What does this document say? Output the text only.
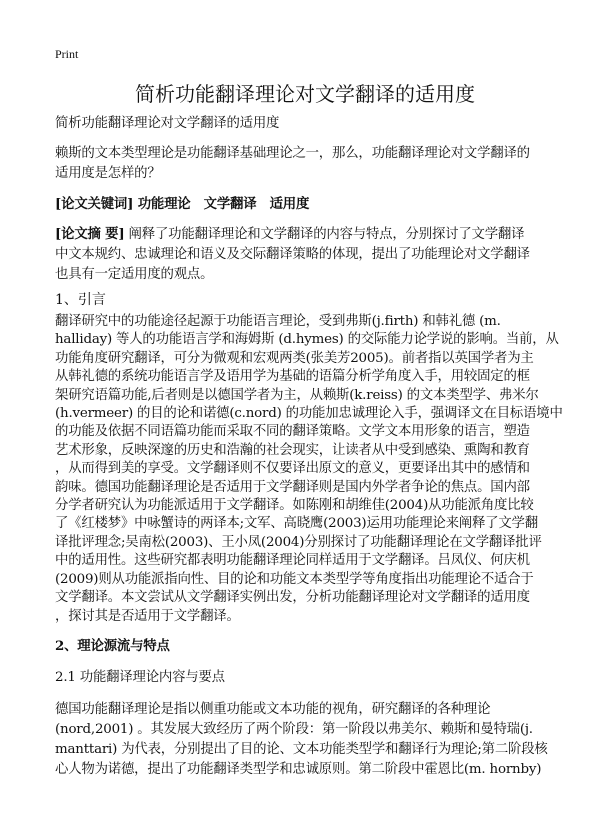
Print
简析功能翻译理论对文学翻译的适用度
简析功能翻译理论对文学翻译的适用度
赖斯的文本类型理论是功能翻译基础理论之一，那么，功能翻译理论对文学翻译的
适用度是怎样的？
[论文关键词] 功能理论　文学翻译　适用度
[论文摘 要] 阐释了功能翻译理论和文学翻译的内容与特点，分别探讨了文学翻译
中文本规约、忠诚理论和语义及交际翻译策略的体现，提出了功能理论对文学翻译
也具有一定适用度的观点。
1、引言
翻译研究中的功能途径起源于功能语言理论，受到弗斯(j.firth) 和韩礼德 (m.
halliday) 等人的功能语言学和海姆斯 (d.hymes) 的交际能力论学说的影响。当前，从
功能角度研究翻译，可分为微观和宏观两类(张美芳2005)。前者指以英国学者为主
从韩礼德的系统功能语言学及语用学为基础的语篇分析学角度入手，用较固定的框
架研究语篇功能,后者则是以德国学者为主，从赖斯(k.reiss) 的文本类型学、弗米尔
(h.vermeer) 的目的论和诺德(c.nord) 的功能加忠诚理论入手，强调译文在目标语境中
的功能及依据不同语篇功能而采取不同的翻译策略。文学文本用形象的语言，塑造
艺术形象，反映深邃的历史和浩瀚的社会现实，让读者从中受到感染、熏陶和教育
，从而得到美的享受。文学翻译则不仅要译出原文的意义，更要译出其中的感情和
韵味。德国功能翻译理论是否适用于文学翻译则是国内外学者争论的焦点。国内部
分学者研究认为功能派适用于文学翻译。如陈刚和胡维佳(2004)从功能派角度比较
了《红楼梦》中咏蟹诗的两译本;文军、高晓鹰(2003)运用功能理论来阐释了文学翻
译批评理念;吴南松(2003)、王小凤(2004)分别探讨了功能翻译理论在文学翻译批评
中的适用性。这些研究都表明功能翻译理论同样适用于文学翻译。吕凤仪、何庆机
(2009)则从功能派指向性、目的论和功能文本类型学等角度指出功能理论不适合于
文学翻译。本文尝试从文学翻译实例出发，分析功能翻译理论对文学翻译的适用度
，探讨其是否适用于文学翻译。
2、理论源流与特点
2.1 功能翻译理论内容与要点
德国功能翻译理论是指以侧重功能或文本功能的视角，研究翻译的各种理论
(nord,2001) 。其发展大致经历了两个阶段：第一阶段以弗美尔、赖斯和曼特瑞(j.
manttari) 为代表，分别提出了目的论、文本功能类型学和翻译行为理论;第二阶段核
心人物为诺德，提出了功能翻译类型学和忠诚原则。第二阶段中霍恩比(m. hornby)
